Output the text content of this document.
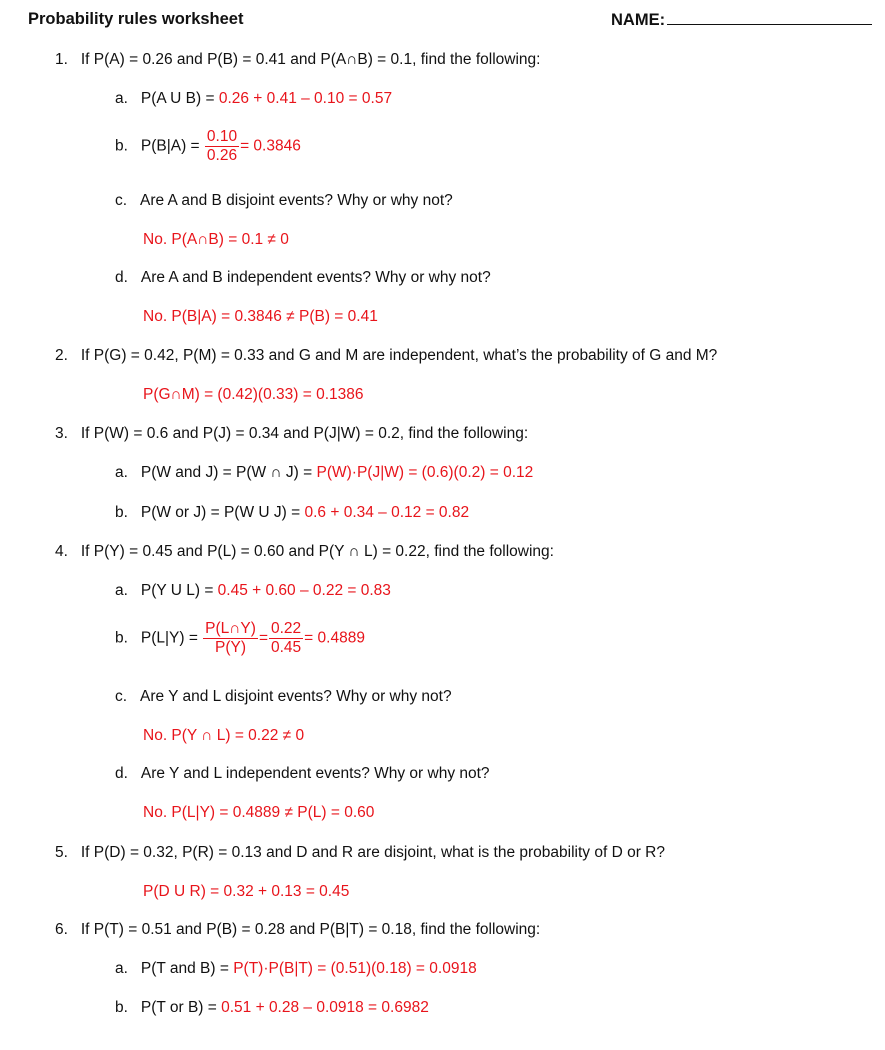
Probability rules worksheet	NAME:
1. If P(A) = 0.26 and P(B) = 0.41 and P(A∩B) = 0.1, find the following:
a. P(A U B) = 0.26 + 0.41 – 0.10 = 0.57
b. $P(B|A) = \frac{0.10}{0.26} = 0.3846$
c. Are A and B disjoint events? Why or why not?
No. P(A∩B) = 0.1 ≠ 0
d. Are A and B independent events? Why or why not?
No. P(B|A) = 0.3846 ≠ P(B) = 0.41
2. If P(G) = 0.42, P(M) = 0.33 and G and M are independent, what’s the probability of G and M?
P(G∩M) = (0.42)(0.33) = 0.1386
3. If P(W) = 0.6 and P(J) = 0.34 and P(J|W) = 0.2, find the following:
a. P(W and J) = P(W ∩ J) = P(W)·P(J|W) = (0.6)(0.2) = 0.12
b. P(W or J) = P(W U J) = 0.6 + 0.34 – 0.12 = 0.82
4. If P(Y) = 0.45 and P(L) = 0.60 and P(Y ∩ L) = 0.22, find the following:
a. P(Y U L) = 0.45 + 0.60 – 0.22 = 0.83
b. $P(L|Y) = \frac{P(L\cap Y)}{P(Y)} = \frac{0.22}{0.45} = 0.4889$
c. Are Y and L disjoint events? Why or why not?
No. P(Y ∩ L) = 0.22 ≠ 0
d. Are Y and L independent events? Why or why not?
No. P(L|Y) = 0.4889 ≠ P(L) = 0.60
5. If P(D) = 0.32, P(R) = 0.13 and D and R are disjoint, what is the probability of D or R?
P(D U R) = 0.32 + 0.13 = 0.45
6. If P(T) = 0.51 and P(B) = 0.28 and P(B|T) = 0.18, find the following:
a. P(T and B) = P(T)·P(B|T) = (0.51)(0.18) = 0.0918
b. P(T or B) = 0.51 + 0.28 – 0.0918 = 0.6982
